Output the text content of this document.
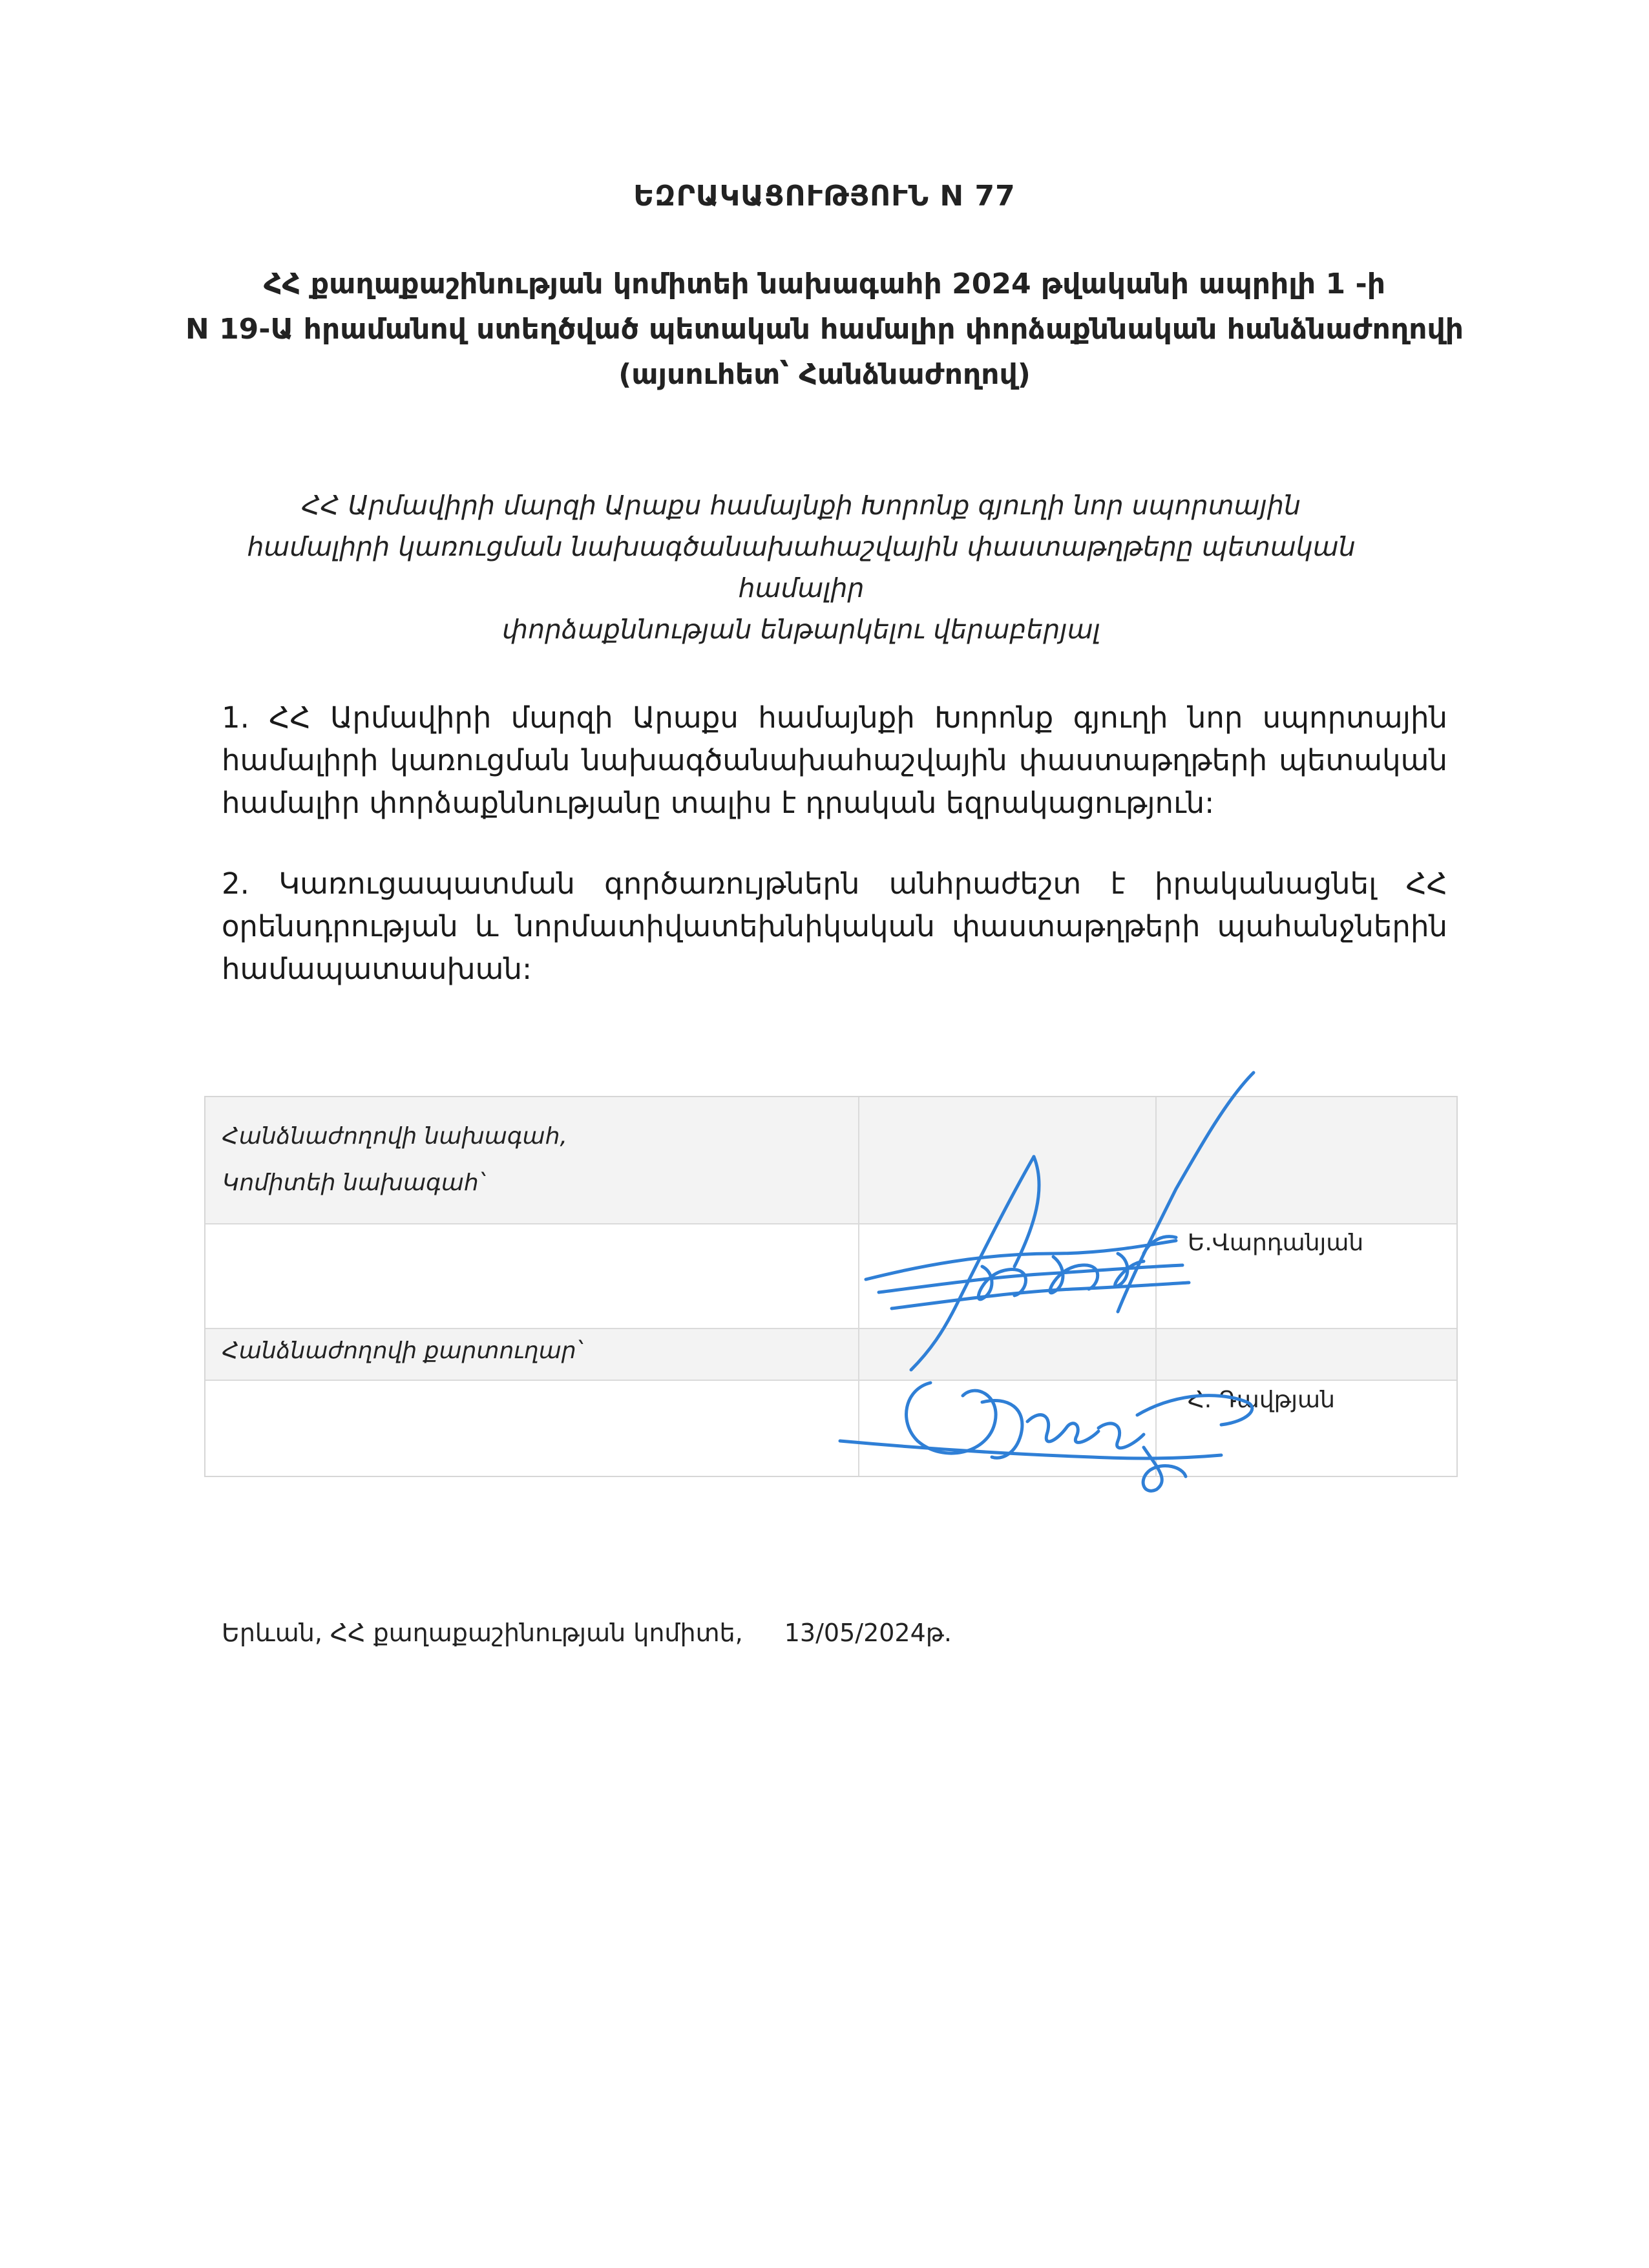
ԵԶՐԱԿԱՑՈՒԹՅՈՒՆ N 77
ՀՀ քաղաքաշինության կոմիտեի նախագահի 2024 թվականի ապրիլի 1 -ի
N 19-Ա հրամանով ստեղծված պետական համալիր փորձաքննական հանձնաժողովի
(այսուհետ՝ Հանձնաժողով)
ՀՀ Արմավիրի մարզի Արաքս համայնքի Խորոնք գյուղի նոր սպորտային
համալիրի կառուցման նախագծանախահաշվային փաստաթղթերը պետական համալիր
փորձաքննության ենթարկելու վերաբերյալ
1. ՀՀ Արմավիրի մարզի Արաքս համայնքի Խորոնք գյուղի նոր սպորտային համալիրի կառուցման նախագծանախահաշվային փաստաթղթերի պետական համալիր փորձաքննությանը տալիս է դրական եզրակացություն:
2. Կառուցապատման գործառույթներն անհրաժեշտ է իրականացնել ՀՀ օրենսդրության և նորմատիվատեխնիկական փաստաթղթերի պահանջներին համապատասխան:
Հանձնաժողովի նախագահ,
Կոմիտեի նախագահ՝
Ե.Վարդանյան
Հանձնաժողովի քարտուղար՝
Հ. Դավթյան
Երևան, ՀՀ քաղաքաշինության կոմիտե, 13/05/2024թ.
